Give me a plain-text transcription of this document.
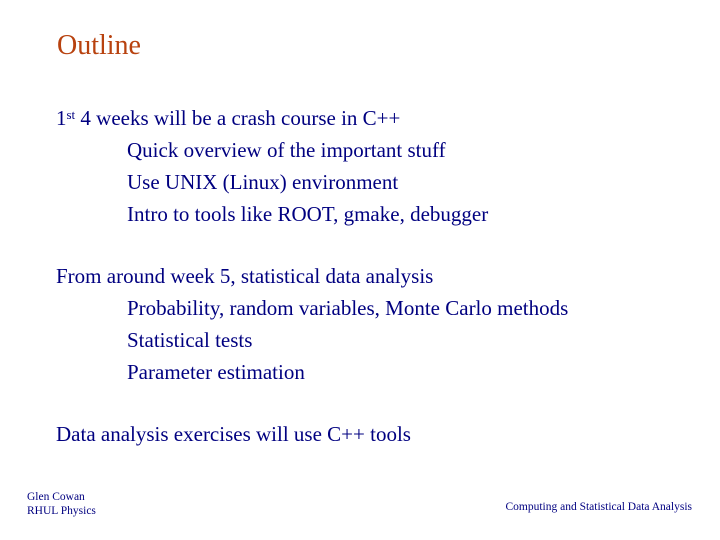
Outline
1st 4 weeks will be a crash course in C++
Quick overview of the important stuff
Use UNIX (Linux) environment
Intro to tools like ROOT, gmake, debugger
From around week 5, statistical data analysis
Probability, random variables, Monte Carlo methods
Statistical tests
Parameter estimation
Data analysis exercises will use C++ tools
Glen Cowan
RHUL Physics	Computing and Statistical Data Analysis
